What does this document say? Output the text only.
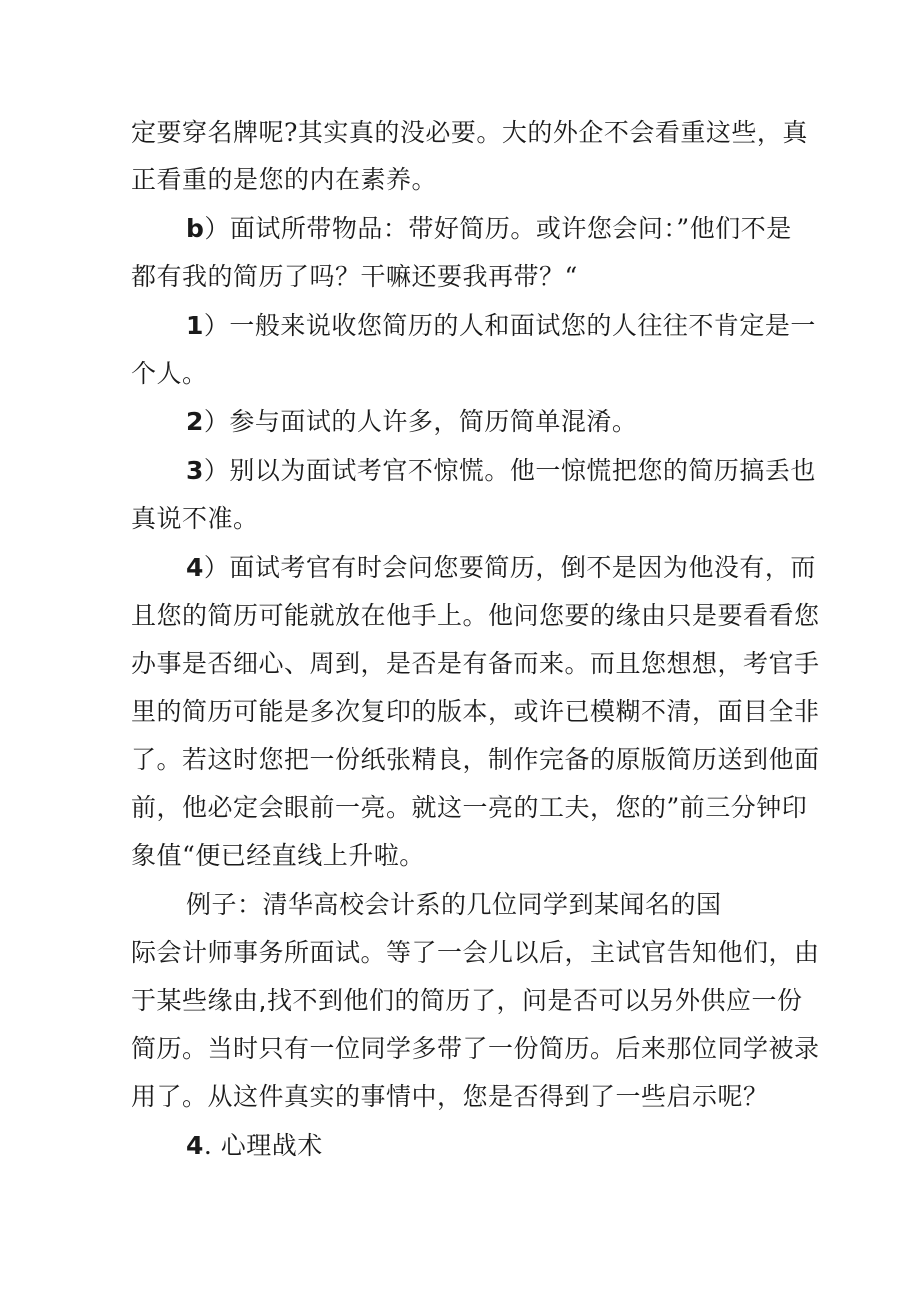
定要穿名牌呢?其实真的没必要。大的外企不会看重这些，真
正看重的是您的内在素养。
b）面试所带物品：带好简历。或许您会问：”他们不是
都有我的简历了吗？干嘛还要我再带？“
1）一般来说收您简历的人和面试您的人往往不肯定是一
个人。
2）参与面试的人许多，简历简单混淆。
3）别以为面试考官不惊慌。他一惊慌把您的简历搞丢也
真说不准。
4）面试考官有时会问您要简历，倒不是因为他没有，而
且您的简历可能就放在他手上。他问您要的缘由只是要看看您
办事是否细心、周到，是否是有备而来。而且您想想，考官手
里的简历可能是多次复印的版本，或许已模糊不清，面目全非
了。若这时您把一份纸张精良，制作完备的原版简历送到他面
前，他必定会眼前一亮。就这一亮的工夫，您的”前三分钟印
象值“便已经直线上升啦。
例子：清华高校会计系的几位同学到某闻名的国
际会计师事务所面试。等了一会儿以后，主试官告知他们，由
于某些缘由,找不到他们的简历了，问是否可以另外供应一份
简历。当时只有一位同学多带了一份简历。后来那位同学被录
用了。从这件真实的事情中，您是否得到了一些启示呢？
4. 心理战术
